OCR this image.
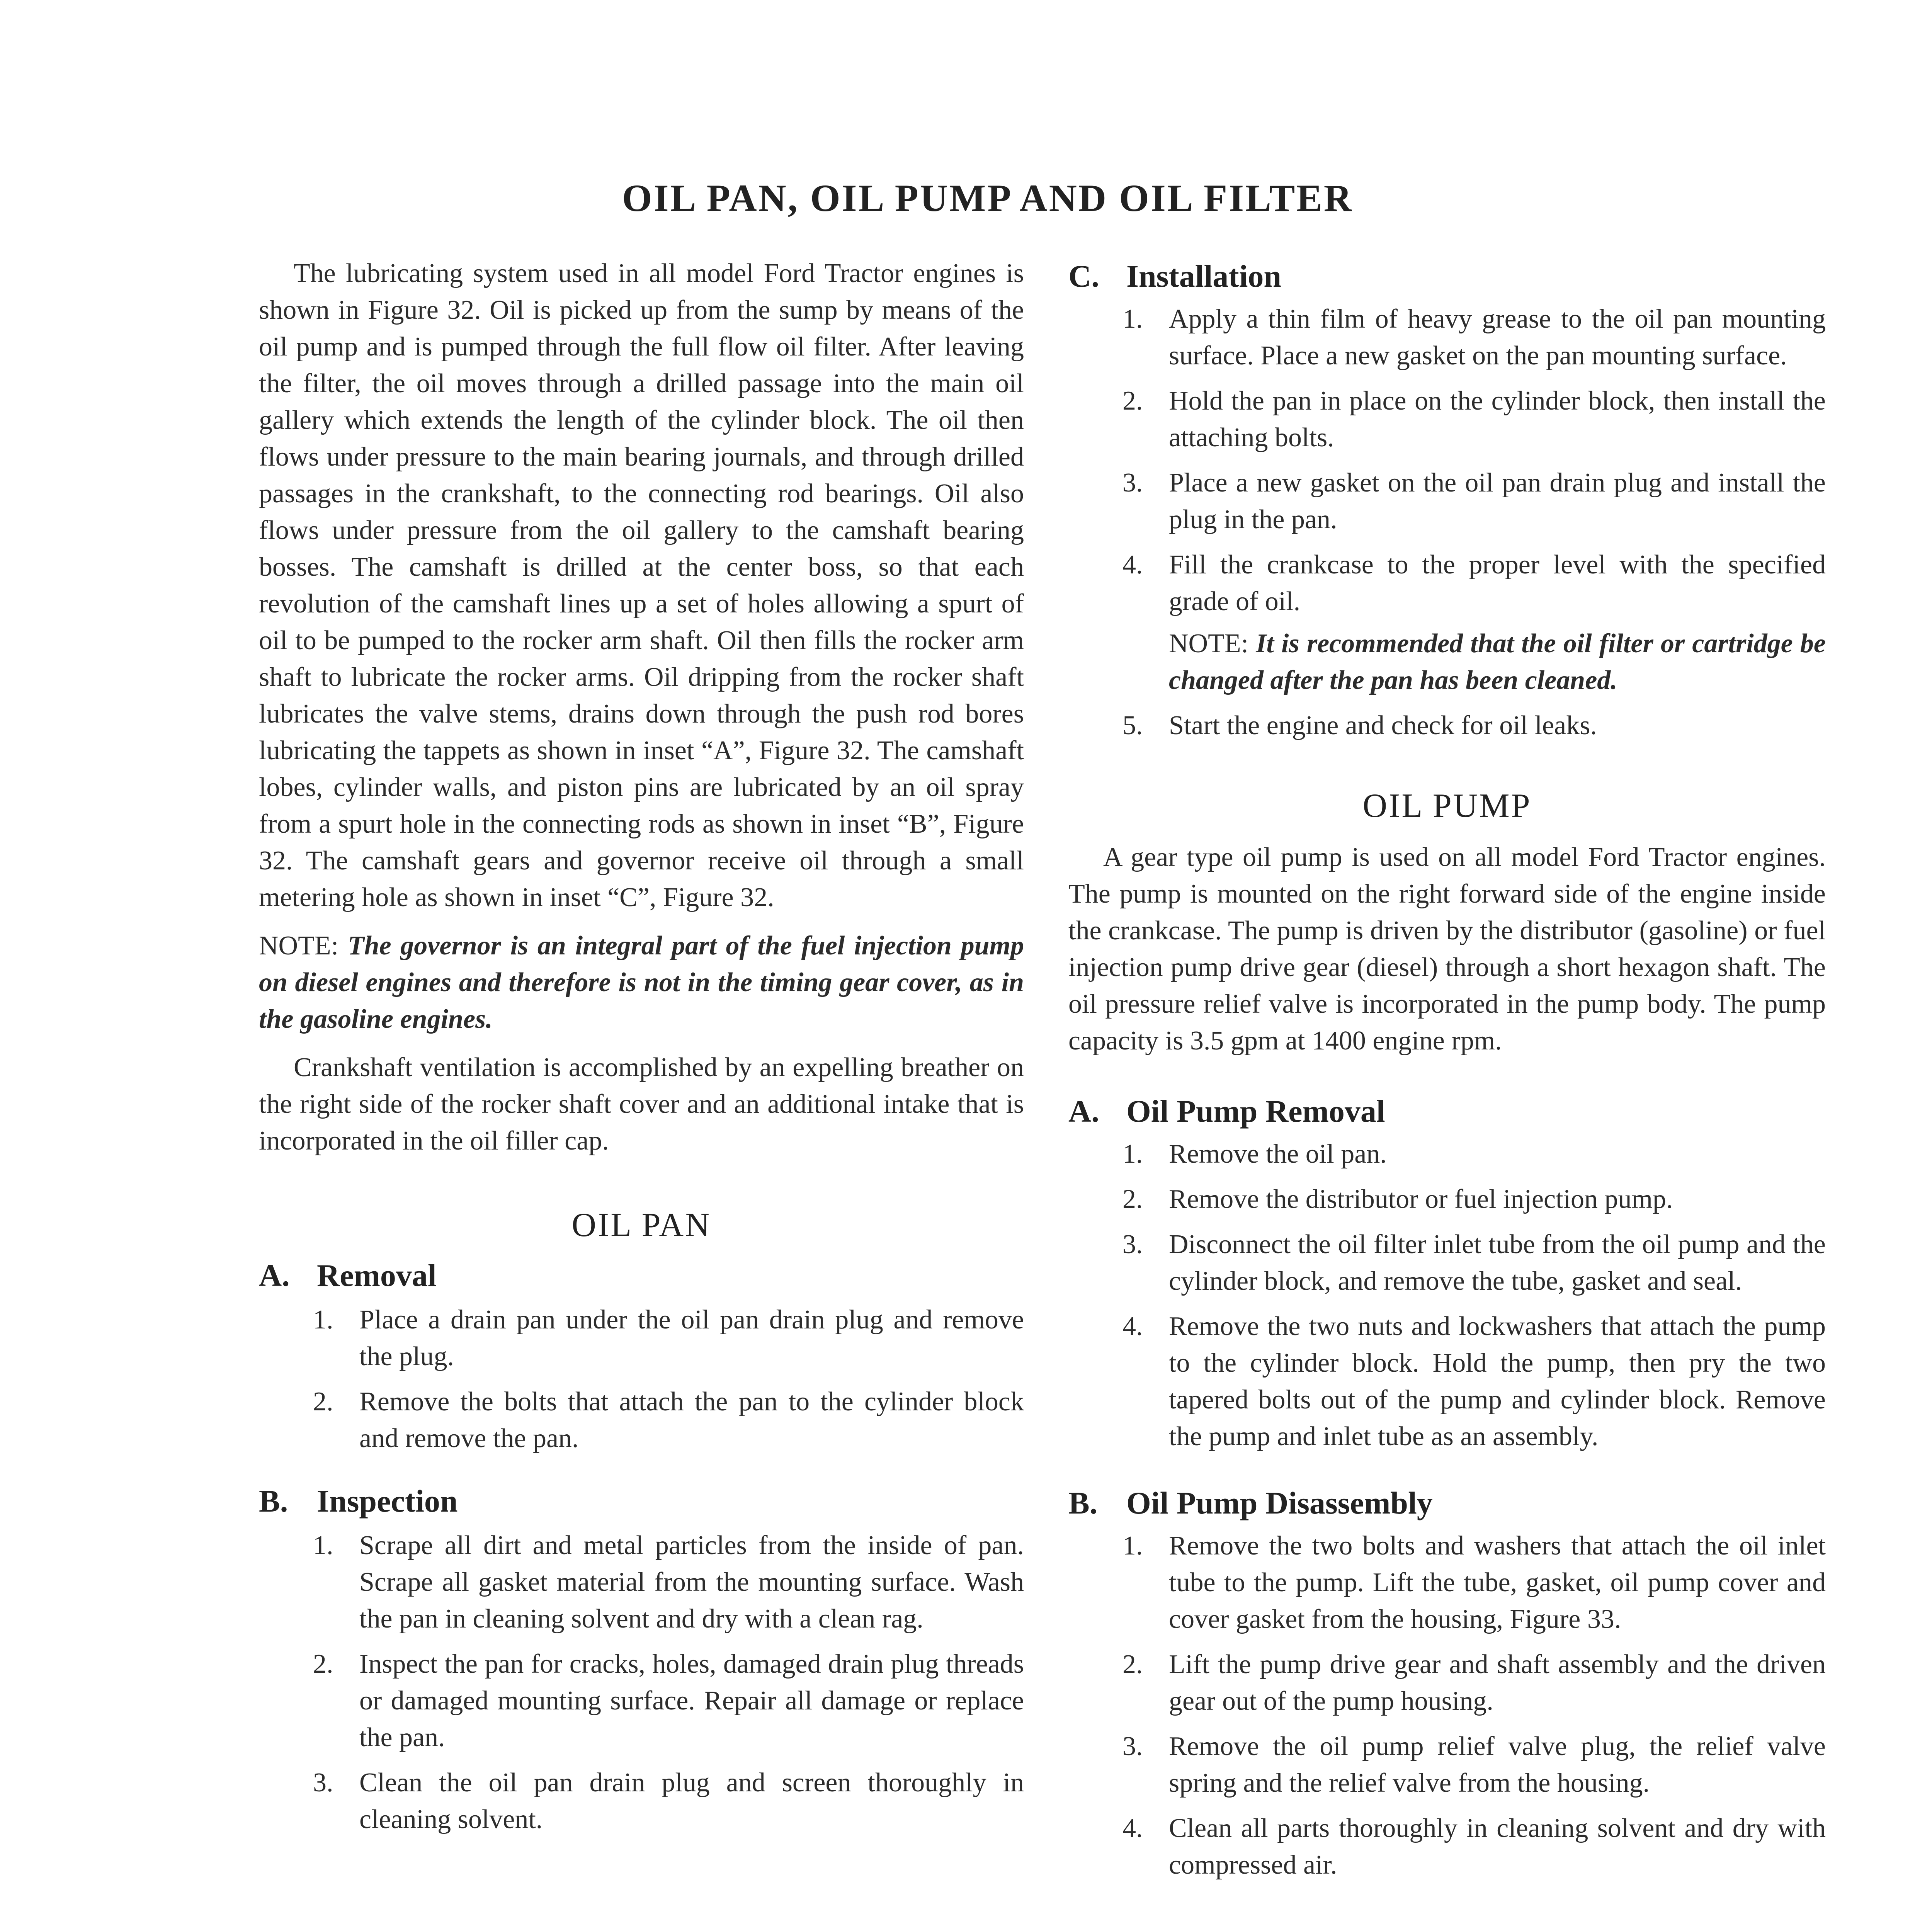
OIL PAN, OIL PUMP AND OIL FILTER

The lubricating system used in all model Ford Tractor engines is shown in Figure 32. Oil is picked up from the sump by means of the oil pump and is pumped through the full flow oil filter. After leaving the filter, the oil moves through a drilled passage into the main oil gallery which extends the length of the cylinder block. The oil then flows under pressure to the main bearing journals, and through drilled passages in the crankshaft, to the connecting rod bearings. Oil also flows under pressure from the oil gallery to the camshaft bearing bosses. The camshaft is drilled at the center boss, so that each revolution of the camshaft lines up a set of holes allowing a spurt of oil to be pumped to the rocker arm shaft. Oil then fills the rocker arm shaft to lubricate the rocker arms. Oil dripping from the rocker shaft lubricates the valve stems, drains down through the push rod bores lubricating the tappets as shown in inset “A”, Figure 32. The camshaft lobes, cylinder walls, and piston pins are lubricated by an oil spray from a spurt hole in the connecting rods as shown in inset “B”, Figure 32. The camshaft gears and governor receive oil through a small metering hole as shown in inset “C”, Figure 32.

NOTE: The governor is an integral part of the fuel injection pump on diesel engines and therefore is not in the timing gear cover, as in the gasoline engines.

Crankshaft ventilation is accomplished by an expelling breather on the right side of the rocker shaft cover and an additional intake that is incorporated in the oil filler cap.

OIL PAN
A. Removal
1. Place a drain pan under the oil pan drain plug and remove the plug.
2. Remove the bolts that attach the pan to the cylinder block and remove the pan.
B. Inspection
1. Scrape all dirt and metal particles from the inside of pan. Scrape all gasket material from the mounting surface. Wash the pan in cleaning solvent and dry with a clean rag.
2. Inspect the pan for cracks, holes, damaged drain plug threads or damaged mounting surface. Repair all damage or replace the pan.
3. Clean the oil pan drain plug and screen thoroughly in cleaning solvent.
C. Installation
1. Apply a thin film of heavy grease to the oil pan mounting surface. Place a new gasket on the pan mounting surface.
2. Hold the pan in place on the cylinder block, then install the attaching bolts.
3. Place a new gasket on the oil pan drain plug and install the plug in the pan.
4. Fill the crankcase to the proper level with the specified grade of oil.

NOTE: It is recommended that the oil filter or cartridge be changed after the pan has been cleaned.

5. Start the engine and check for oil leaks.
OIL PUMP

A gear type oil pump is used on all model Ford Tractor engines. The pump is mounted on the right forward side of the engine inside the crankcase. The pump is driven by the distributor (gasoline) or fuel injection pump drive gear (diesel) through a short hexagon shaft. The oil pressure relief valve is incorporated in the pump body. The pump capacity is 3.5 gpm at 1400 engine rpm.

A. Oil Pump Removal
1. Remove the oil pan.
2. Remove the distributor or fuel injection pump.
3. Disconnect the oil filter inlet tube from the oil pump and the cylinder block, and remove the tube, gasket and seal.
4. Remove the two nuts and lockwashers that attach the pump to the cylinder block. Hold the pump, then pry the two tapered bolts out of the pump and cylinder block. Remove the pump and inlet tube as an assembly.
B. Oil Pump Disassembly
1. Remove the two bolts and washers that attach the oil inlet tube to the pump. Lift the tube, gasket, oil pump cover and cover gasket from the housing, Figure 33.
2. Lift the pump drive gear and shaft assembly and the driven gear out of the pump housing.
3. Remove the oil pump relief valve plug, the relief valve spring and the relief valve from the housing.
4. Clean all parts thoroughly in cleaning solvent and dry with compressed air.
